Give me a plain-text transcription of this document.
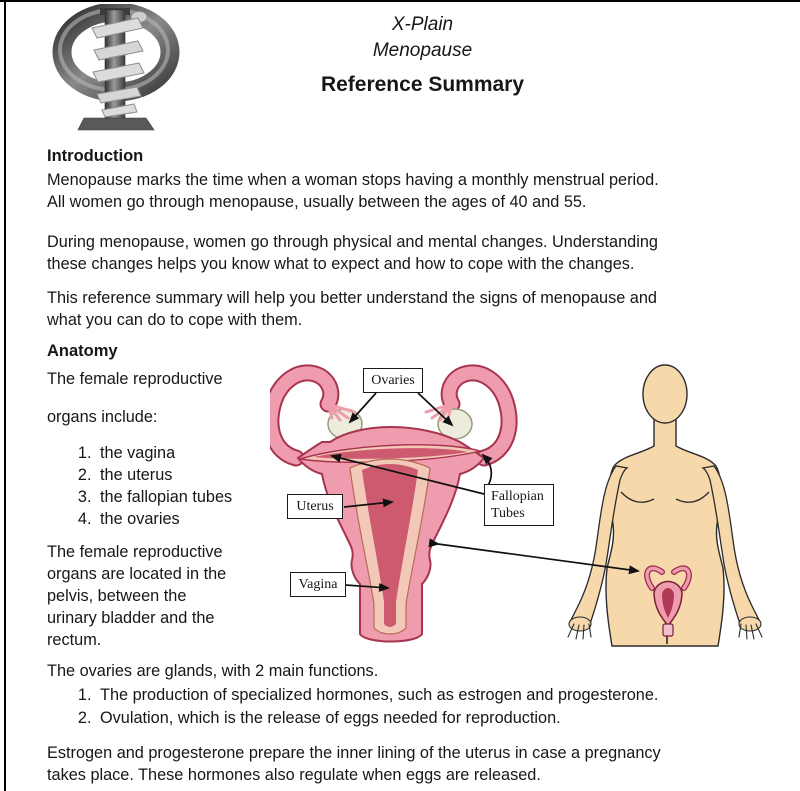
X-Plain
Menopause
Reference Summary
Introduction
Menopause marks the time when a woman stops having a monthly menstrual period.
All women go through menopause, usually between the ages of 40 and 55.
During menopause, women go through physical and mental changes. Understanding
these changes helps you know what to expect and how to cope with the changes.
This reference summary will help you better understand the signs of menopause and
what you can do to cope with them.
Anatomy
The female reproductive
organs include:
1. the vagina
2. the uterus
3. the fallopian tubes
4. the ovaries
The female reproductive
organs are located in the
pelvis, between the
urinary bladder and the
rectum.
Ovaries
Uterus
Fallopian
Tubes
Vagina
The ovaries are glands, with 2 main functions.
1. The production of specialized hormones, such as estrogen and progesterone.
2. Ovulation, which is the release of eggs needed for reproduction.
Estrogen and progesterone prepare the inner lining of the uterus in case a pregnancy
takes place. These hormones also regulate when eggs are released.
